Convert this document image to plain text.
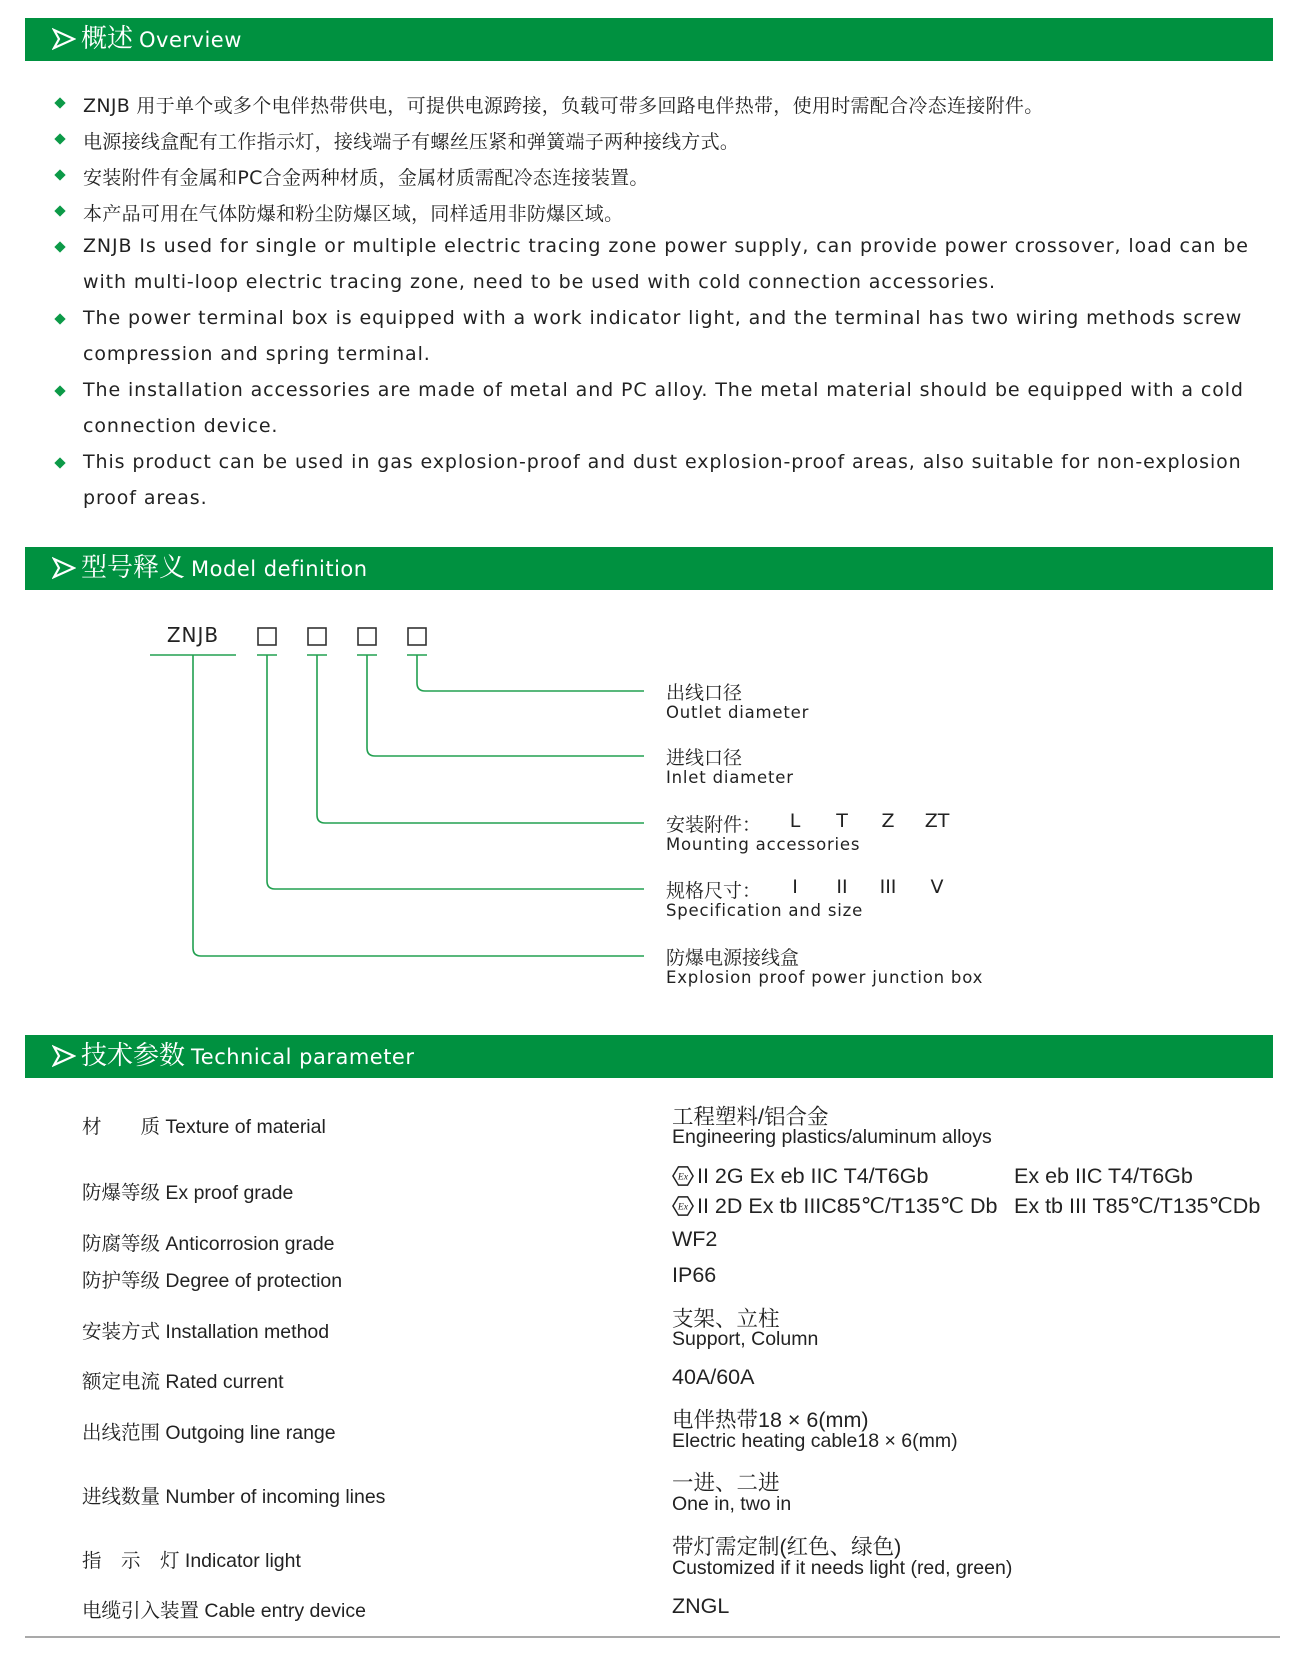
概述 Overview
ZNJB 用于单个或多个电伴热带供电，可提供电源跨接，负载可带多回路电伴热带，使用时需配合冷态连接附件。
电源接线盒配有工作指示灯，接线端子有螺丝压紧和弹簧端子两种接线方式。
安装附件有金属和PC合金两种材质，金属材质需配冷态连接装置。
本产品可用在气体防爆和粉尘防爆区域，同样适用非防爆区域。
ZNJB Is used for single or multiple electric tracing zone power supply, can provide power crossover, load can be
with multi-loop electric tracing zone, need to be used with cold connection accessories.
The power terminal box is equipped with a work indicator light, and the terminal has two wiring methods screw
compression and spring terminal.
The installation accessories are made of metal and PC alloy. The metal material should be equipped with a cold
connection device.
This product can be used in gas explosion-proof and dust explosion-proof areas, also suitable for non-explosion
proof areas.
型号释义 Model definition
ZNJB
出线口径
Outlet diameter
进线口径
Inlet diameter
安装附件：
Mounting accessories
L T Z ZT
规格尺寸：
Specification and size
I II III V
防爆电源接线盒
Explosion proof power junction box
技术参数 Technical parameter
材　　质 Texture of material	工程塑料/铝合金
Engineering plastics/aluminum alloys
防爆等级 Ex proof grade
Ex II 2G Ex eb IIC T4/T6Gb	Ex eb IIC T4/T6Gb
Ex II 2D Ex tb IIIC85℃/T135℃ Db Ex tb III T85℃/T135℃Db
防腐等级 Anticorrosion grade	WF2
防护等级 Degree of protection	IP66
安装方式 Installation method
支架、立柱
Support, Column
额定电流 Rated current	40A/60A
出线范围 Outgoing line range
电伴热带18 × 6(mm)
Electric heating cable18 × 6(mm)
进线数量 Number of incoming lines
一进、二进
One in, two in
指　示　灯 Indicator light
带灯需定制(红色、绿色)
Customized if it needs light (red, green)
电缆引入装置 Cable entry device	ZNGL
